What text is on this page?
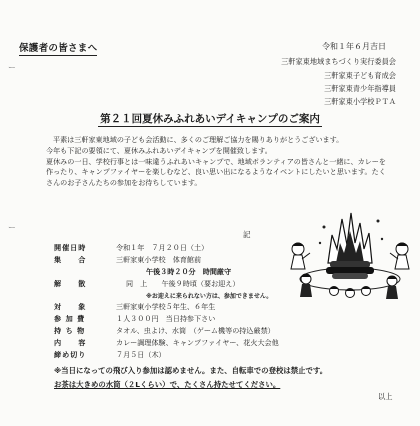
ー
ー
保護者の皆さまへ	令和１年６月吉日
三軒家東地域まちづくり実行委員会
三軒家東子ども育成会
三軒家東青少年指導員
三軒家東小学校ＰＴＡ
第２１回夏休みふれあいデイキャンプのご案内

平素は三軒家東地域の子ども会活動に、多くのご理解ご協力を賜りありがとうございます。

今年も下記の要領にて、夏休みふれあいデイキャンプを開催致します。

夏休みの一日、学校行事とは一味違うふれあいキャンプで、地域ボランティアの皆さんと一緒に、カレーを作ったり、キャンプファイヤーを楽しむなど、良い思い出になるようなイベントにしたいと思います。たくさんのお子さんたちの参加をお待ちしています。

記
開催日時	令和１年　７月２０日（土）
集　　合	三軒家東小学校　体育館前
午後３時２０分　時間厳守
解　　散	同　上　　午後９時頃（要お迎え）
※お迎えに来られない方は、参加できません。
対　　象	三軒家東小学校５年生、６年生
参 加 費	１人３００円　当日持参下さい
持 ち 物	タオル、虫よけ、水筒　（ゲーム機等の持込厳禁）
内　　容	カレー調理体験、キャンプファイヤー、花火大会他
締め切り	７月５日（木）
※当日になっての飛び入り参加は認めません。また、自転車での登校は禁止です。
お茶は大きめの水筒（２Lくらい）で、たくさん持たせてください。
以上
